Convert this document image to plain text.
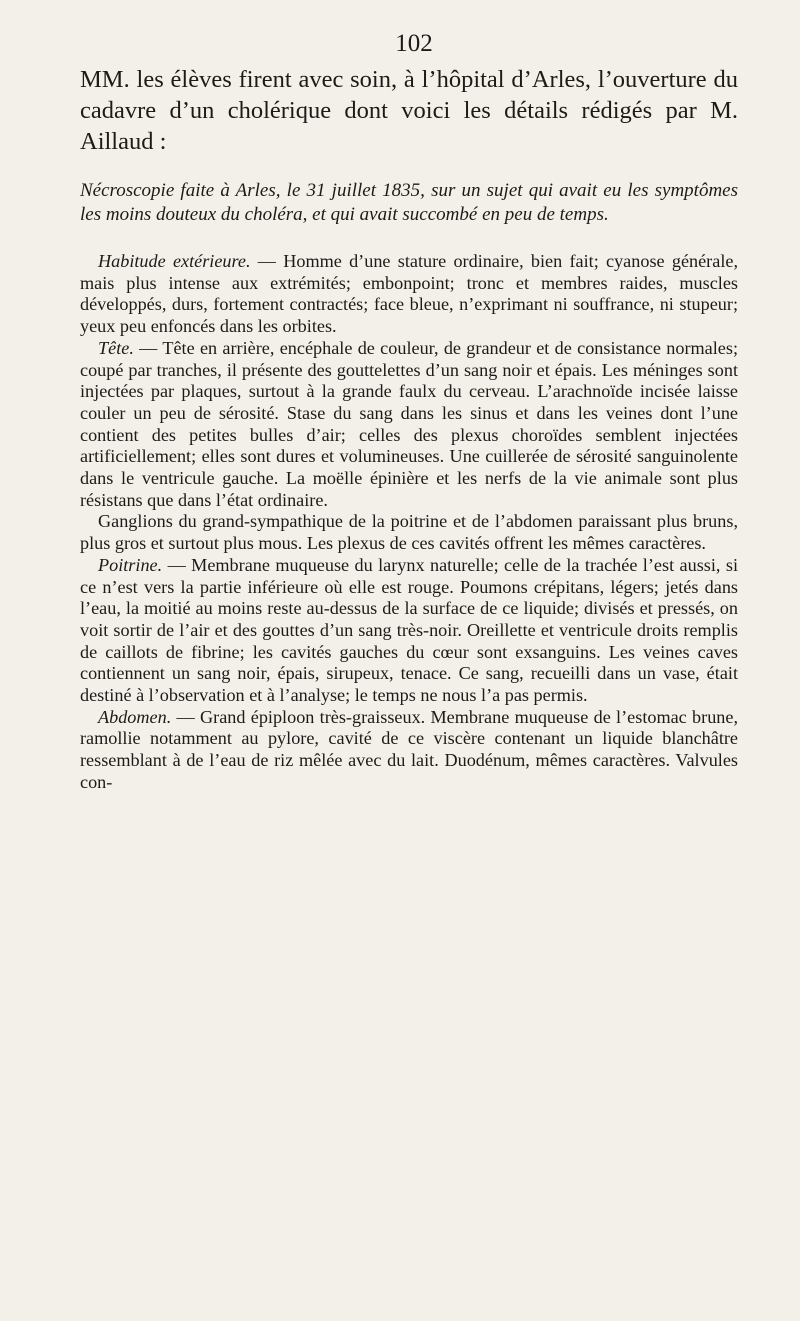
102

MM. les élèves firent avec soin, à l’hôpital d’Arles, l’ouverture du cadavre d’un cholérique dont voici les détails rédigés par M. Aillaud :

Nécroscopie faite à Arles, le 31 juillet 1835, sur un sujet qui avait eu les symptômes les moins douteux du choléra, et qui avait succombé en peu de temps.

Habitude extérieure. — Homme d’une stature ordinaire, bien fait; cyanose générale, mais plus intense aux extrémités; embonpoint; tronc et membres raides, muscles développés, durs, fortement contractés; face bleue, n’exprimant ni souffrance, ni stupeur; yeux peu enfoncés dans les orbites.

Tête. — Tête en arrière, encéphale de couleur, de grandeur et de consistance normales; coupé par tranches, il présente des gouttelettes d’un sang noir et épais. Les méninges sont injectées par plaques, surtout à la grande faulx du cerveau. L’arachnoïde incisée laisse couler un peu de sérosité. Stase du sang dans les sinus et dans les veines dont l’une contient des petites bulles d’air; celles des plexus choroïdes semblent injectées artificiellement; elles sont dures et volumineuses. Une cuillerée de sérosité sanguinolente dans le ventricule gauche. La moëlle épinière et les nerfs de la vie animale sont plus résistans que dans l’état ordinaire.

Ganglions du grand-sympathique de la poitrine et de l’abdomen paraissant plus bruns, plus gros et surtout plus mous. Les plexus de ces cavités offrent les mêmes caractères.

Poitrine. — Membrane muqueuse du larynx naturelle; celle de la trachée l’est aussi, si ce n’est vers la partie inférieure où elle est rouge. Poumons crépitans, légers; jetés dans l’eau, la moitié au moins reste au-dessus de la surface de ce liquide; divisés et pressés, on voit sortir de l’air et des gouttes d’un sang très-noir. Oreillette et ventricule droits remplis de caillots de fibrine; les cavités gauches du cœur sont exsanguins. Les veines caves contiennent un sang noir, épais, sirupeux, tenace. Ce sang, recueilli dans un vase, était destiné à l’observation et à l’analyse; le temps ne nous l’a pas permis.

Abdomen. — Grand épiploon très-graisseux. Membrane muqueuse de l’estomac brune, ramollie notamment au pylore, cavité de ce viscère contenant un liquide blanchâtre ressemblant à de l’eau de riz mêlée avec du lait. Duodénum, mêmes caractères. Valvules con-
